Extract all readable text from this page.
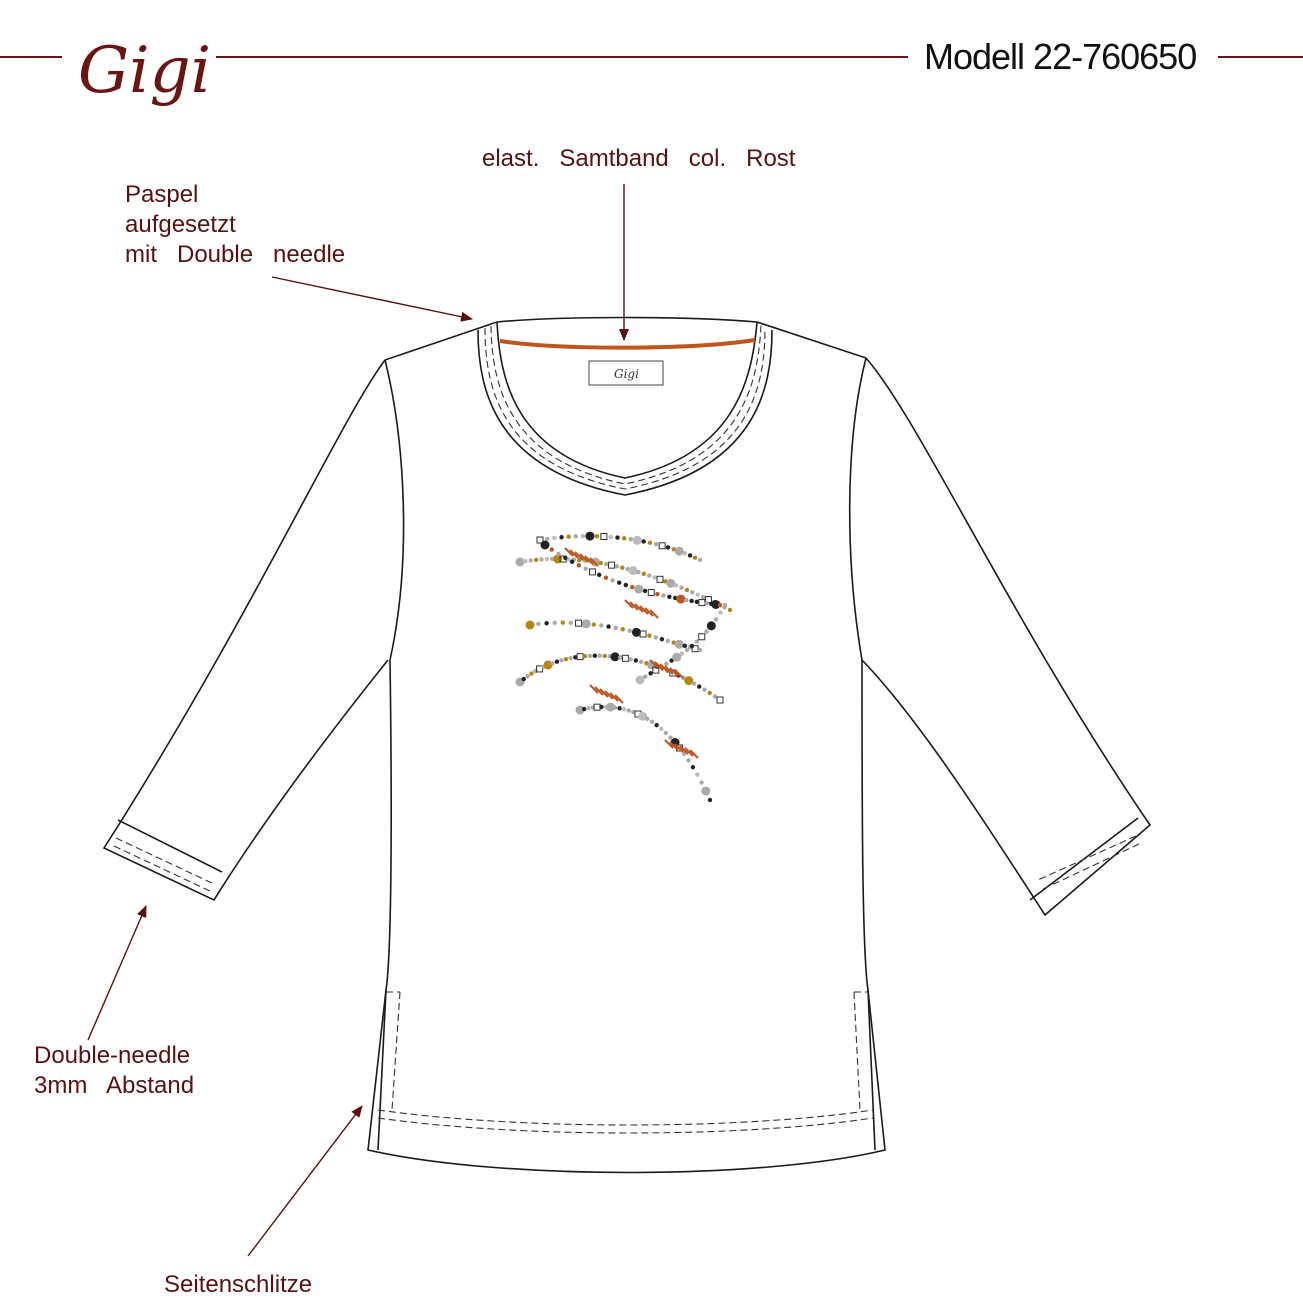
Gigi
Gigi
Modell 22-760650
elast.   Samtband   col.   Rost
Paspel
aufgesetzt
mit   Double   needle
Double-needle
3mm   Abstand
Seitenschlitze
